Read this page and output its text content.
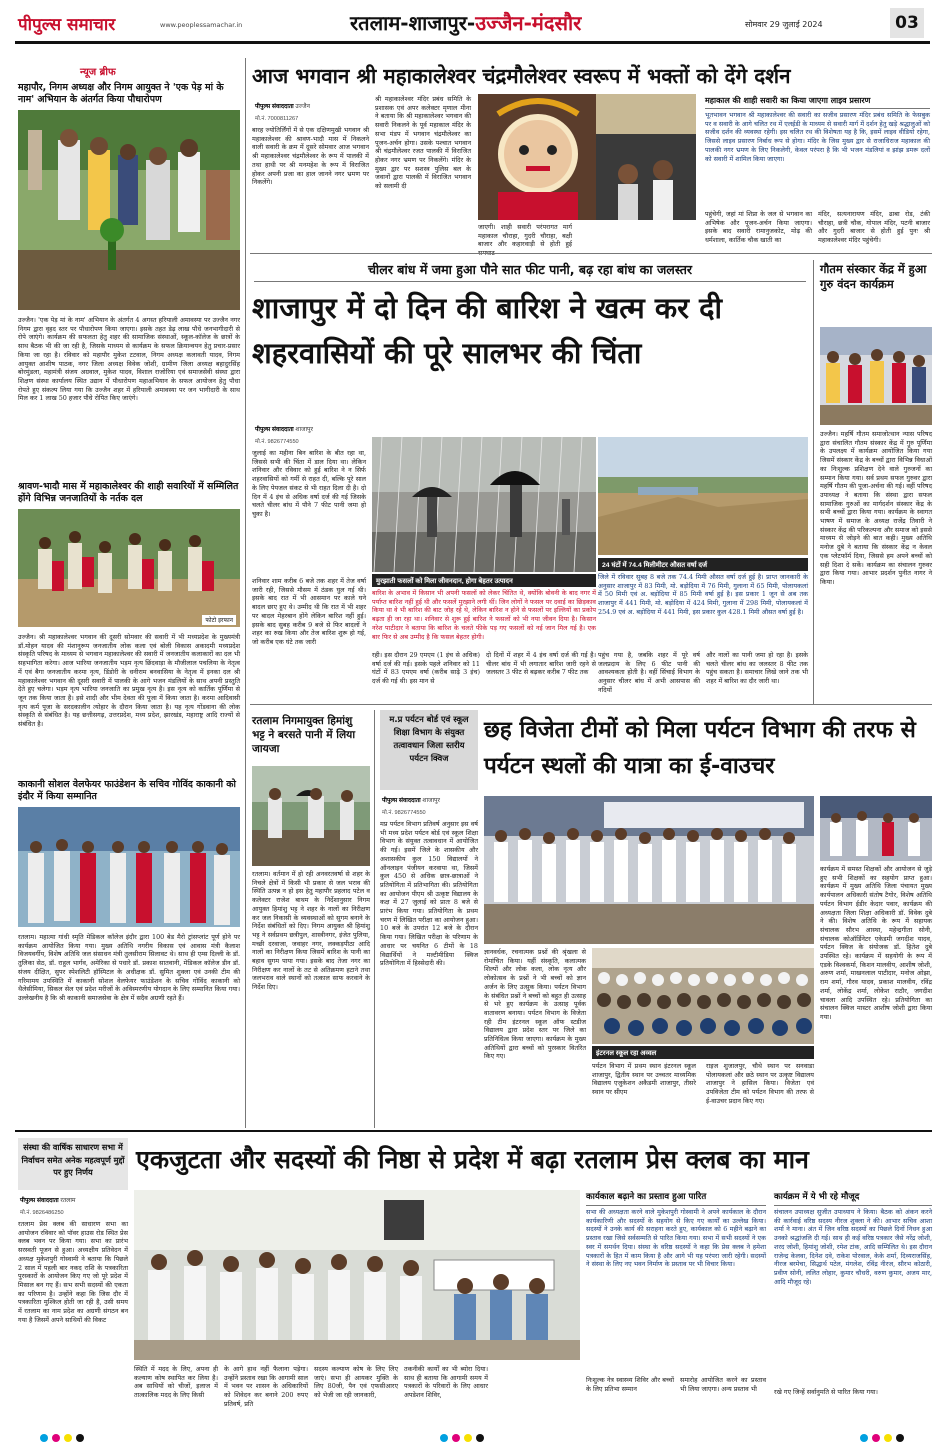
पीपुल्स समाचार	www.peoplessamachar.in	रतलाम-शाजापुर-उज्जैन-मंदसौर	सोमवार 29 जुलाई 2024	03
न्यूज ब्रीफ
महापौर, निगम अध्यक्ष और निगम आयुक्त ने 'एक पेड़ मां के नाम' अभियान के अंतर्गत किया पौधारोपण
उज्जैन। 'एक पेड़ मां के नाम' अभियान के अंतर्गत 4 अगस्त हरियाली अमावस्या पर उज्जैन नगर निगम द्वारा वृहद स्तर पर पौधारोपण किया जाएगा। इसके तहत डेढ़ लाख पौधे जनभागीदारी से रोपे जाएंगे। कार्यक्रम की सफलता हेतु शहर की सामाजिक संस्थाओं, स्कूल-कॉलेज के छात्रों के साथ बैठक भी की जा रही है, जिसके माध्यम से कार्यक्रम के सफल क्रियान्वयन हेतु प्रचार-प्रसार किया जा रहा है। रविवार को महापौर मुकेश टटवाल, निगम अध्यक्ष कलावती यादव, निगम आयुक्त आशीष पाठक, नगर जिला अध्यक्ष विवेक जोशी, ग्रामीण जिला अध्यक्ष बहादुरसिंह बोरमुंडला, महामंत्री संजय अग्रवाल, मुकेश यादव, विशाल राजोरिया एवं समाजसेवी संस्था द्वारा शिक्षण संस्था कार्यालय स्थित उद्यान में पौधारोपण महाअभियान के सफल आयोजन हेतु पौधा रोपते हुए संकल्प लिया गया कि उज्जैन शहर में हरियाली अमावस्या पर जन भागीदारी के साथ मिल कर 1 लाख 50 हजार पौधे रोपित किए जाएंगे।
श्रावण-भादौ मास में महाकालेश्वर की शाही सवारियों में सम्मिलित होंगे विभिन्न जनजातियों के नर्तक दल
फोटो इरफान
उज्जैन। श्री महाकालेश्वर भगवान की दूसरी सोमवार की सवारी में भी मध्यप्रदेश के मुख्यमंत्री डॉ.मोहन यादव की मंशानुरूप जनजातीय लोक कला एवं बोली विकास अकादमी मध्यप्रदेश संस्कृति परिषद के माध्यम से भगवान महाकालेश्वर की सवारी में जनजातीय कलाकारों का दल भी सहभागिता करेगा। आज भारिया जनजातीय भड़म नृत्य छिंदवाड़ा के मौजीलाल पचलिया के नेतृत्व में एवं बैगा जनजातीय करमा नृत्य, डिंडोरी के धनीराम बनवासिया के नेतृत्व में इनका दल श्री महाकालेश्वर भगवान की दूसरी सवारी में पालकी के आगे भजन मंडलियों के साथ अपनी प्रस्तुति देते हुए चलेगा। भड़म नृत्य भारिया जनजाति का प्रमुख नृत्य है। इस नृत्य को कार्तिक पूर्णिमा से जून तक किया जाता है। इसे शादी और भीम देवता की पूजा में किया जाता है। करमा आदिवासी नृत्य कर्म पूजा के सरदकालीन त्योहार के दौरान किया जाता है। यह नृत्य गोंडवाना की लोक संस्कृति से संबंधित है। यह छत्तीसगढ़, उत्तरप्रदेश, मध्य प्रदेश, झारखंड, महाराष्ट्र आदि राज्यों से संबंधित है।
काकानी सोशल वेलफेयर फाउंडेशन के सचिव गोविंद काकानी को इंदौर में किया सम्मानित
रतलाम। महात्मा गांधी स्मृति मेडिकल कॉलेज इंदौर द्वारा 100 बेड मैरो ट्रांसप्लांट पूर्ण होने पर कार्यक्रम आयोजित किया गया। मुख्य अतिथि नगरीय विकास एवं आवास मंत्री कैलाश विजयवर्गीय, विशेष अतिथि जल संसाधन मंत्री तुलसीराम सिलावट थे। साथ ही एम्स दिल्ली के डॉ. तुलिका सेठ, डॉ. राहुल भार्गव, अमेरिका से पधारे डॉ. प्रकाश सातवानी, मेडिकल कॉलेज डीन डॉ. संजय दीक्षित, सुपर स्पेशलिटी हॉस्पिटल के अधीक्षक डॉ. सुमित शुक्ला एवं उनकी टीम की गरिमामय उपस्थिति में काकानी सोशल वेलफेयर फाउंडेशन के सचिव गोविंद काकानी को थैलेसीमिया, सिकल सेल एवं प्रदेश मरीजों के अविस्मरणीय योगदान के लिए सम्मानित किया गया। उल्लेखनीय है कि श्री काकानी समाजसेवा के क्षेत्र में सदैव अग्रणी रहते हैं।
आज भगवान श्री महाकालेश्वर चंद्रमौलेश्वर स्वरूप में भक्तों को देंगे दर्शन
पीपुल्स संवाददाता उज्जैन
मो.नं. 7000811267
बारह ज्योतिर्लिंगों में से एक दक्षिणमुखी भगवान श्री महाकालेश्वर की श्रावण-भादौ मास में निकलने वाली सवारी के क्रम में दूसरे सोमवार आज भगवान श्री महाकालेश्वर चंद्रमौलेश्वर के रूप में पालकी में तथा हाथी पर श्री मनमहेश के रूप में विराजित होकर अपनी प्रजा का हाल जानने नगर भ्रमण पर निकलेंगे।
श्री महाकालेश्वर मंदिर प्रबंध समिति के प्रशासक एवं अपर कलेक्टर मृणाल मीना ने बताया कि श्री महाकालेश्वर भगवान की सवारी निकलने के पूर्व महाकाल मंदिर के सभा मंडप में भगवान चंद्रमौलेश्वर का पूजन-अर्चन होगा। उसके पश्चात भगवान श्री चंद्रमौलेश्वर रजत पालकी में विराजित होकर नगर भ्रमण पर निकलेंगे। मंदिर के मुख्य द्वार पर सशस्त्र पुलिस बल के जवानों द्वारा पालकी में विराजित भगवान को सलामी दी
जाएगी। शाही सवारी परंपरागत मार्ग महाकाल चौराहा, गुदरी चौराहा, बक्षी बाजार और कहारवाड़ी से होती हुई
महाकाल की शाही सवारी का किया जाएगा लाइव प्रसारण
भूतभावन भगवान श्री महाकालेश्वर की सवारी का सजीव प्रसारण मंदिर प्रबंध समिति के फेसबुक पर व सवारी के आगे चलित रथ में एलईडी के माध्यम से सवारी मार्ग में दर्शन हेतु खड़े श्रद्धालुओं को सजीव दर्शन की व्यवस्था रहेगी। इस चलित रथ की विशेषता यह है कि, इसमें लाइव वीडियो रहेगा, जिससे लाइव प्रसारण निर्बाध रूप से होगा। मंदिर के जिस मुख्य द्वार से राजाधिराज महाकाल की पालकी नगर भ्रमण के लिए निकलेगी, केवल परंपरा है कि भी भजन मंडलियां व झांझ डमरू दलों को सवारी में शामिल किया जाएगा।
पहुंचेगी, जहां मां शिप्रा के जल से भगवान का अभिषेक और पूजन-अर्चन किया जाएगा। इसके बाद सवारी रामानुजकोट, मोढ़ की धर्मशाला, कार्तिक चौक खाती का
मंदिर, सत्यनारायण मंदिर, ढाबा रोड, टंकी चौराहा, छत्री चौक, गोपाल मंदिर, पटनी बाजार और गुदरी बाजार से होती हुई पुनः श्री महाकालेश्वर मंदिर पहुंचेगी।
चीलर बांध में जमा हुआ पौने सात फीट पानी, बढ़ रहा बांध का जलस्तर
शाजापुर में दो दिन की बारिश ने खत्म कर दी शहरवासियों की पूरे सालभर की चिंता
पीपुल्स संवाददाता शाजापुर
मो.नं. 9826774550
जुलाई का महीना बिन बारिश के बीत रहा था, जिससे सभी की चिंता में डाल दिया था। लेकिन शनिवार और रविवार को हुई बारिश ने न सिर्फ शहरवासियों को गर्मी से राहत दी, बल्कि पूरे साल के लिए पेयजल संकट से भी राहत दिला दी है। दो दिन में 4 इंच से अधिक वर्षा दर्ज की गई जिसके चलते चीलर बांध में पौने 7 फीट पानी जमा हो चुका है।
शनिवार शाम करीब 6 बजे तक शहर में तेज वर्षा जारी रही, जिससे मौसम में ठंडक घुल गई थी। इसके बाद रात में भी आसमान पर काले घने बादल छाए हुए थे। उम्मीद थी कि रात में भी शहर पर बादल मेहरबान होंगे लेकिन बारिश नहीं हुई। इसके बाद सुबह करीब 9 बजे से फिर बादलों ने शहर का रुख किया और तेज बारिश शुरू हो गई, जो करीब एक घंटे तक जारी
मुरझाती फसलों को मिला जीवनदान, होगा बेहतर उत्पादन
बारिश के अभाव में किसान भी अपनी फसलों को लेकर चिंतित थे, क्योंकि बोवनी के बाद नगर में पर्याप्त बारिश नहीं हुई थी और फसलें मुरझाने लगी थीं। जिन लोगों ने फसल पर दवाई का छिड़काव किया था वे भी बारिश की बाट जोह रहे थे, लेकिन बारिश न होने से फसलों पर इल्लियों का प्रकोप बढ़ता ही जा रहा था। शनिवार से शुरू हुई बारिश ने फसलों को भी नया जीवन दिया है। किसान नरेश पाटीदार ने बताया कि बारिश के चलते फीके पड़ गए फसलों को नई जान मिल गई है। एक बार फिर से अब उम्मीद है कि फसल बेहतर होगी।
24 घंटों में 74.4 मिलीमीटर औसत वर्षा दर्ज
जिले में रविवार सुबह 8 बजे तक 74.4 मिमी औसत वर्षा दर्ज हुई है। प्राप्त जानकारी के अनुसार शाजापुर में 83 मिमी, मो. बड़ोदिया में 76 मिमी, गुलाना में 65 मिमी, पोलायकलां में 50 मिमी एवं अ. बड़ोदिया में 85 मिमी वर्षा हुई है। इस प्रकार 1 जून से अब तक शाजापुर में 441 मिमी, मो. बड़ोदिया में 424 मिमी, गुलाना में 298 मिमी, पोलायकलां में 254.9 एवं अ. बड़ोदिया में 441 मिमी, इस प्रकार कुल 428.1 मिमी औसत वर्षा हुई है।
रही। इस दौरान 29 एमएम (1 इंच से अधिक) वर्षा दर्ज की गई। इसके पहले शनिवार को 11 घंटों में 83 एमएम वर्षा (करीब साढ़े 3 इंच) दर्ज की गई थी। इस मान से
दो दिनों में शहर में 4 इंच वर्षा दर्ज की गई है। चीलर बांध में भी लगातार बारिश जारी रहने से जलस्तर 3 फीट से बढ़कर करीब 7 फीट तक
पहुंच गया है, जबकि शहर में पूरे वर्ष जलप्रदाय के लिए 6 फीट पानी की आवश्यकता होती है। वहीं सिंचाई विभाग के अनुसार चीलर बांध में अभी आसपास की नदियों
और नालों का पानी जमा हो रहा है। इसके चलते चीलर बांध का जलस्तर 8 फीट तक पहुंच सकता है। समाचार लिखे जाने तक भी शहर में बारिश का दौर जारी था।
गौतम संस्कार केंद्र में हुआ गुरु वंदन कार्यक्रम
उज्जैन। महर्षि गौतम समाजोत्थान न्यास परिषद द्वारा संचालित गौतम संस्कार केंद्र में गुरु पूर्णिमा के उपलक्ष्य में कार्यक्रम आयोजित किया गया जिसमें संस्कार केंद्र के बच्चों द्वारा विभिन्न विधाओं का निःशुल्क प्रशिक्षण देने वाले गुरुजनों का सम्मान किया गया। सर्व प्रथम सफल गुरुवर द्वारा महर्षि गौतम की पूजा-अर्चना की गई। वहीं परिषद उपाध्यक्ष ने बताया कि संस्था द्वारा सफल सामाजिक गुरुओं का मार्गदर्शन संस्कार केंद्र के सभी बच्चों द्वारा किया गया। कार्यक्रम के स्वागत भाषण में समाज के अध्यक्ष राजेंद्र तिवारी ने संस्कार केंद्र की परिकल्पना और समाज को इससे माध्यम से जोड़ने की बात कही। मुख्य अतिथि मनोज दुबे ने बताया कि संस्कार केंद्र न केवल एक प्लेटफॉर्म दिया, जिससे हम अपने बच्चों को सही दिशा दे सकें। कार्यक्रम का संचालन गुरुवर द्वारा किया गया। आभार प्रदर्शन पुनीत नागर ने किया।
रतलाम निगमायुक्त हिमांशु भट्ट ने बरसते पानी में लिया जायजा
रतलाम। वर्तमान में हो रही अनवरतवर्षा से शहर के निचले क्षेत्रों में किसी भी प्रकार से जल भराव की स्थिति उत्पन्न न हो इस हेतु महापौर प्रहलाद पटेल व कलेक्टर राजेश बाथम के निर्देशानुसार निगम आयुक्त हिमांशु भट्ट ने शहर के नालों का निरीक्षण कर जल निकासी के व्यवस्थाओं को सुगम बनाने के निर्देश संबंधितों को दिए। निगम आयुक्त श्री हिमांशु भट्ट ने सर्वप्रथम छत्रीपुल, शास्त्रीनगर, इंजेत पुलिया, मच्छी दरवाजा, जवाहर नगर, लक्कड़पीठा आदि नालों का निरीक्षण किया जिसमें बारिश के पानी का बहाव सुगम पाया गया। इसके बाद तेजा नगर का निरीक्षण कर नालों के तट से अतिक्रमण हटाने तथा जलभराव वाले स्थानों को तत्काल साफ करवाने के निर्देश दिए।
म.प्र पर्यटन बोर्ड एवं स्कूल शिक्षा विभाग के संयुक्त तत्वावधान जिला स्तरीय पर्यटन क्विज
छह विजेता टीमों को मिला पर्यटन विभाग की तरफ से पर्यटन स्थलों की यात्रा का ई-वाउचर
पीपुल्स संवाददाता शाजापुर
मो.नं. 9826774550
मप्र पर्यटन विभाग प्रतिवर्ष अनुसार इस वर्ष भी मध्य प्रदेश पर्यटन बोर्ड एवं स्कूल शिक्षा विभाग के संयुक्त तत्वावधान में आयोजित की गई। इसमें जिले के शासकीय और अशासकीय कुल 150 विद्यालयों ने ऑनलाइन पंजीयन करवाया था, जिसमें कुल 450 से अधिक छात्र-छात्राओं ने प्रतियोगिता में प्रतिभागिता की। प्रतियोगिता का आयोजन पीएम श्री उत्कृष्ट विद्यालय के कक्ष में 27 जुलाई को प्रातः 8 बजे से प्रारंभ किया गया। प्रतियोगिता के प्रथम चरण में लिखित परीक्षा का आयोजन हुआ। 10 बजे के उपरांत 12 बजे के दौरान किया गया। लिखित परीक्षा के परिणाम के आधार पर चयनित 6 टीमों के 18 विद्यार्थियों ने मल्टीमीडिया क्विज प्रतियोगिता में हिस्सेदारी की।
ज्ञानवर्धक, रचनात्मक प्रश्नों की श्रृंखला से रोमांचित किया। यहीं संस्कृति, कलात्मक शिल्पों और लोक कला, लोक नृत्य और लोकोत्सव के प्रश्नों ने भी बच्चों को ज्ञान अर्जन के लिए उत्सुक किया। पर्यटन विभाग के संबंधित प्रश्नों ने बच्चों को बहुत ही उत्साह से भरे हुए कार्यक्रम के उत्साह पूर्वक वातावरण बनाया। पर्यटन विभाग के विजेता रही टीम इंटरनल स्कूल ऑफ स्टडीज विद्यालय द्वारा प्रदेश स्तर पर जिले का प्रतिनिधित्व किया जाएगा। कार्यक्रम के मुख्य अतिथियों द्वारा बच्चों को पुरस्कार वितरित किए गए।	इंटरनल स्कूल रहा अव्वल
पर्यटन विभाग में प्रथम स्थान इंटरनल स्कूल शाजापुर, द्वितीय स्थान पर उच्चतर माध्यमिक विद्यालय एजुकेशन अकैडमी शाजापुर, तीसरे स्थान पर सीएम
राइज शुजालपुर, चौथे स्थान पर सनवाडा पोलायकलां और छठे स्थान पर उत्कृष्ट विद्यालय शाजापुर ने हासिल किया। विजेता एवं उपविजेता टीम को पर्यटन विभाग की तरफ से ई-वाउचर प्रदान किए गए।
कार्यक्रम में समस्त शिक्षकों और आयोजन से जुड़े हुए सभी शिक्षकों का सहयोग प्राप्त हुआ। कार्यक्रम में मुख्य अतिथि जिला पंचायत मुख्य कार्यपालन अधिकारी संतोष टैगोर, विशेष अतिथि पर्यटन विभाग ईडीर केदार पवार, कार्यक्रम की अध्यक्षता जिला शिक्षा अधिकारी डॉ. विवेक दुबे ने की। विशेष अतिथि के रूप में सहायक संचालक सौरभ आस्था, महेन्द्रगीता सोनी, संचालक कोऑर्डिनेटर एकेडमी जगदीश यादव, पर्यटन क्विज के संयोजक डॉ. हितेश दुबे उपस्थित रहे। कार्यक्रम में सहयोगी के रूप में एडके विश्वकर्मा, किशन मालवीय, आशीष जोशी, अरुण शर्मा, माखनलाल पाटीदार, मनोज ओझा, राम शर्मा, गौरव यादव, प्रकाश मालवीय, रविंद्र शर्मा, लोकेंद्र शर्मा, लोकेश राठौर, जगदीश चावला आदि उपस्थित रहे। प्रतियोगिता का संचालन क्विज मास्टर आशीष जोशी द्वारा किया गया।
संस्था की वार्षिक साधारण सभा में निर्वाचन समेत अनेक महत्वपूर्ण मुद्दों पर हुए निर्णय	एकजुटता और सदस्यों की निष्ठा से प्रदेश में बढ़ा रतलाम प्रेस क्लब का मान
पीपुल्स संवाददाता रतलाम
मो.नं. 9826486250
रतलाम प्रेस क्लब की साधारण सभा का आयोजन रविवार को पॉवर हाउस रोड स्थित प्रेस क्लब भवन पर किया गया। सभा का प्रारंभ सरस्वती पूजन से हुआ। अध्यक्षीय प्रतिवेदन में अध्यक्ष मुकेशपुरी गोस्वामी ने बताया कि पिछले 2 साल में पहली बार नकद राशि के पत्रकारिता पुरस्कारों के आयोजन किए गए जो पूरे प्रदेश में मिसाल बन गए हैं। सभ सभी सदस्यों की एकता का परिणाम है। उन्होंने कहा कि जिस दौर में पत्रकारिता मुश्किल होती जा रही है, उसी समय में रतलाम का नाम प्रदेश का अग्रणी संगठन बन गया है जिसमें अपने साथियों की विकट
स्थिति में मदद के लिए, अपना ही कल्याण कोष स्थापित कर लिया है। अब साथियों को चीजों, इलाज में तात्कालिक मदद के लिए किसी
के आगे हाथ नहीं फैलाना पड़ेगा। उन्होंने प्रस्ताव रखा कि आगामी साल में भवन पर शासन के अधिकारियों को शिवेदन कर बनाने 200 रुपए प्रतिवर्ष, प्रति
सदस्य कल्याण कोष के लिए लिए जाएं। सभा ही आयकर मुक्ति के लिए 80जी, पैन एवं एफसीआरए को भेजी जा रही जानकारी,
तकनीकी कार्यों का भी ब्योरा दिया। साथ ही बताया कि आगामी समय में पत्रकारों के परिवारों के लिए आधार अपडेशन शिविर,
कार्यकाल बढ़ाने का प्रस्ताव हुआ पारित
सभा की अध्यक्षता करने वाले मुकेशपुरी गोस्वामी ने अपने कार्यकाल के दौरान कार्यकारिणी और सदस्यों के सहयोग से किए गए कार्यों का उल्लेख किया। सदस्यों ने उनके कार्य की सराहना करते हुए, कार्यकाल को 6 महीने बढ़ाने का प्रस्ताव रखा जिसे सर्वसम्मति से पारित किया गया। सभा में सभी सदस्यों ने एक स्वर में समर्थन दिया। संस्था के वरिष्ठ सदस्यों ने कहा कि प्रेस क्लब ने हमेशा पत्रकारों के हित में काम किया है और आगे भी यह परंपरा जारी रहेगी। सदस्यों ने संस्था के लिए नए भवन निर्माण के प्रस्ताव पर भी विचार किया।
निःशुल्क नेत्र स्वास्थ्य शिविर और बच्चों के लिए प्रतिभा सम्मान
समारोह आयोजित करने का प्रस्ताव भी लिया जाएगा। अन्य प्रस्ताव भी
कार्यक्रम में ये भी रहे मौजूद
संचालन उपाध्यक्ष सुजीत उपाध्याय ने किया। बैठक को अंकन करने की कार्रवाई वरिष्ठ सदस्य नीरज शुक्ला ने की। आभार सचिव आशा शर्मा ने माना। अंत में जिन वरिष्ठ सदस्यों का पिछले दिनों निधन हुआ उनको श्रद्धांजलि दी गई। साथ ही कई वरिष्ठ पत्रकार जैसे नरेंद्र जोशी, शरद जोशी, हिमांशु जोशी, रमेश टांक, आदि सम्मिलित थे। इस दौरान राजेन्द्र केलवा, दिनेश दवे, राकेश पोरवाल, केके शर्मा, दिव्यराजसिंह, नीरज बरमेचा, सिद्धार्थ पटेल, मंगलेश, रविंद्र नीरज, सौरभ कोठारी, प्रवीण सोनी, ललित लोहार, कुमार चौधरी, वरुण कुमार, अजय मार, आदि मौजूद रहे।
रखे गए जिन्हें सर्वानुमति से पारित किया गया।
